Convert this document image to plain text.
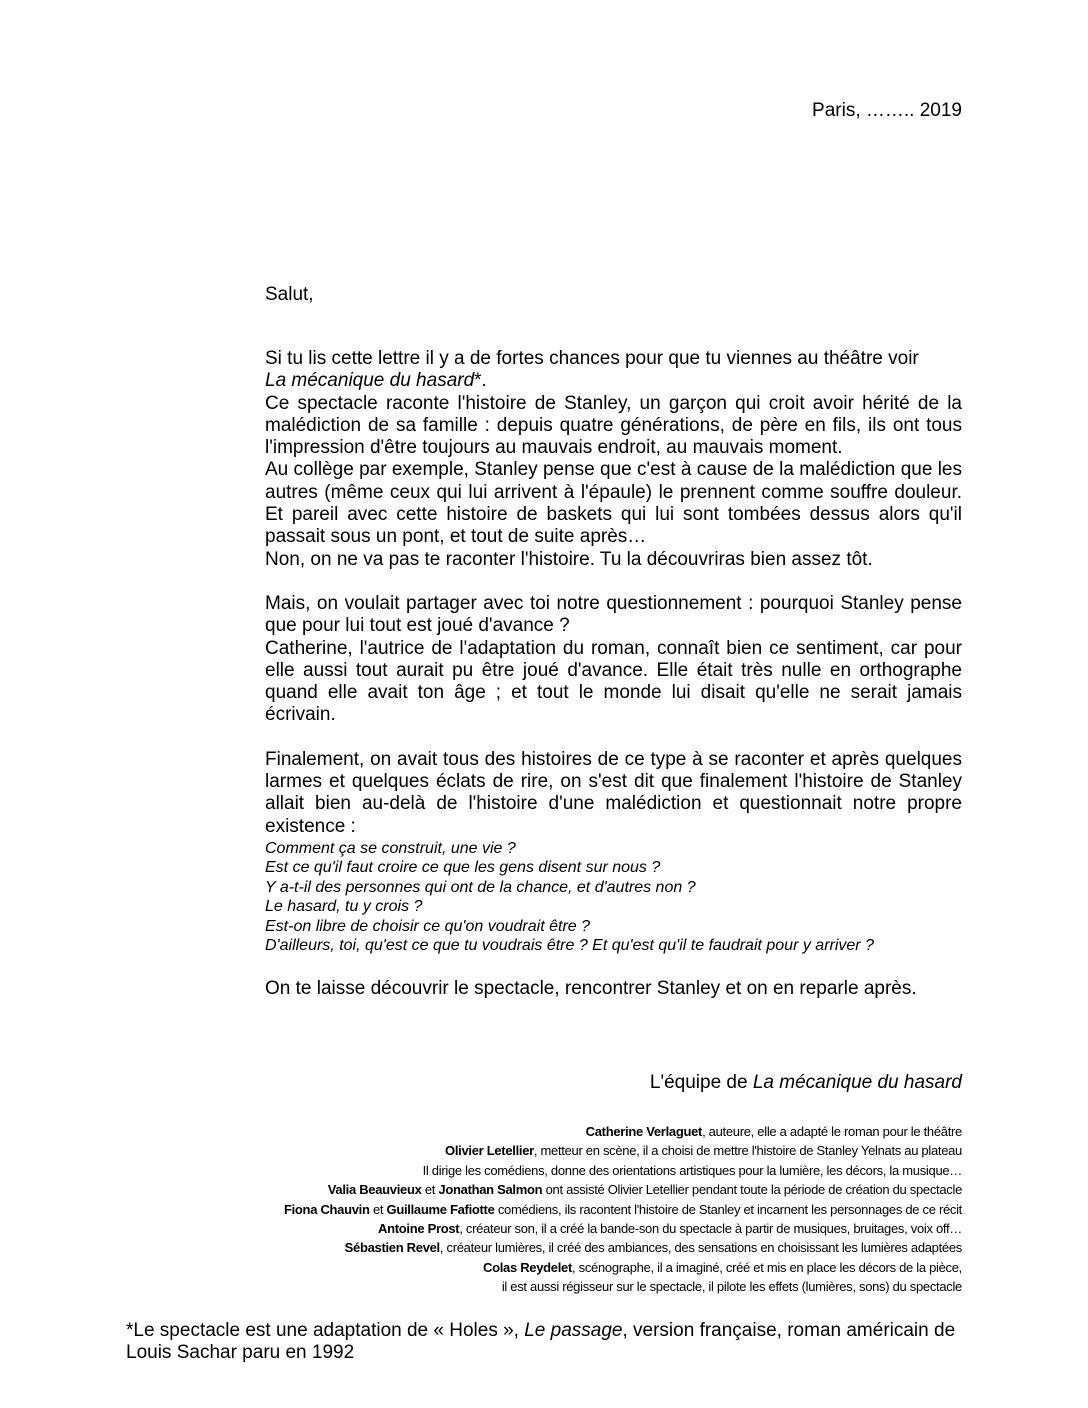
Paris, …….. 2019
Salut,

Si tu lis cette lettre il y a de fortes chances pour que tu viennes au théâtre voir
La mécanique du hasard*.

Ce spectacle raconte l'histoire de Stanley, un garçon qui croit avoir hérité de la malédiction de sa famille : depuis quatre générations, de père en fils, ils ont tous l'impression d'être toujours au mauvais endroit, au mauvais moment.

Au collège par exemple, Stanley pense que c'est à cause de la malédiction que les autres (même ceux qui lui arrivent à l'épaule) le prennent comme souffre douleur. Et pareil avec cette histoire de baskets qui lui sont tombées dessus alors qu'il passait sous un pont, et tout de suite après…

Non, on ne va pas te raconter l'histoire. Tu la découvriras bien assez tôt.

Mais, on voulait partager avec toi notre questionnement : pourquoi Stanley pense que pour lui tout est joué d'avance ?

Catherine, l'autrice de l'adaptation du roman, connaît bien ce sentiment, car pour elle aussi tout aurait pu être joué d'avance. Elle était très nulle en orthographe quand elle avait ton âge ; et tout le monde lui disait qu'elle ne serait jamais écrivain.

Finalement, on avait tous des histoires de ce type à se raconter et après quelques larmes et quelques éclats de rire, on s'est dit que finalement l'histoire de Stanley allait bien au-delà de l'histoire d'une malédiction et questionnait notre propre existence :

Comment ça se construit, une vie ?
Est ce qu'il faut croire ce que les gens disent sur nous ?
Y a-t-il des personnes qui ont de la chance, et d'autres non ?
Le hasard, tu y crois ?
Est-on libre de choisir ce qu'on voudrait être ?
D'ailleurs, toi, qu'est ce que tu voudrais être ? Et qu'est qu'il te faudrait pour y arriver ?

On te laisse découvrir le spectacle, rencontrer Stanley et on en reparle après.

L'équipe de La mécanique du hasard
Catherine Verlaguet, auteure, elle a adapté le roman pour le théâtre
Olivier Letellier, metteur en scène, il a choisi de mettre l'histoire de Stanley Yelnats au plateau
Il dirige les comédiens, donne des orientations artistiques pour la lumière, les décors, la musique…
Valia Beauvieux et Jonathan Salmon ont assisté Olivier Letellier pendant toute la période de création du spectacle
Fiona Chauvin et Guillaume Fafiotte comédiens, ils racontent l'histoire de Stanley et incarnent les personnages de ce récit
Antoine Prost, créateur son, il a créé la bande-son du spectacle à partir de musiques, bruitages, voix off…
Sébastien Revel, créateur lumières, il créé des ambiances, des sensations en choisissant les lumières adaptées
Colas Reydelet, scénographe, il a imaginé, créé et mis en place les décors de la pièce,
il est aussi régisseur sur le spectacle, il pilote les effets (lumières, sons) du spectacle
*Le spectacle est une adaptation de « Holes », Le passage, version française, roman américain de Louis Sachar paru en 1992
